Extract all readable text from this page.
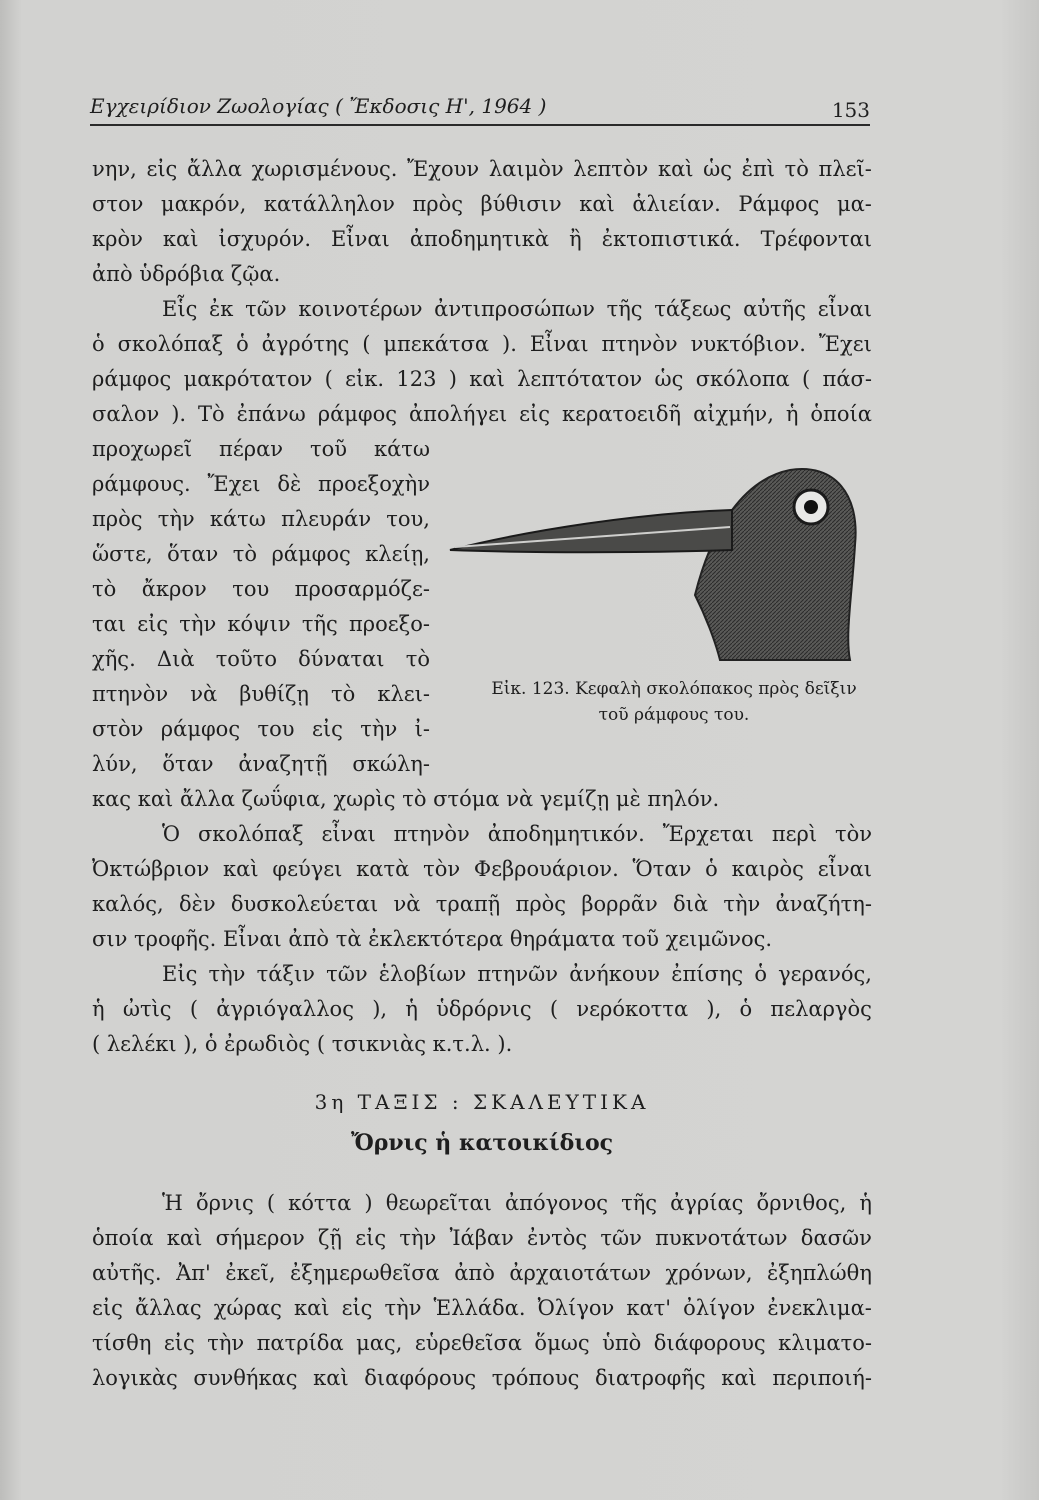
Εγχειρίδιον Ζωολογίας ( Ἔκδοσις Η', 1964 )	153
νην, εἰς ἄλλα χωρισμένους. Ἔχουν λαιμὸν λεπτὸν καὶ ὡς ἐπὶ τὸ πλεῖ-
στον μακρόν, κατάλληλον πρὸς βύθισιν καὶ ἁλιείαν. Ράμφος μα-
κρὸν καὶ ἰσχυρόν. Εἶναι ἀποδημητικὰ ἢ ἐκτοπιστικά. Τρέφονται
ἀπὸ ὑδρόβια ζῷα.
Εἷς ἐκ τῶν κοινοτέρων ἀντιπροσώπων τῆς τάξεως αὐτῆς εἶναι
ὁ σκολόπαξ ὁ ἀγρότης ( μπεκάτσα ). Εἶναι πτηνὸν νυκτόβιον. Ἔχει
ράμφος μακρότατον ( εἰκ. 123 ) καὶ λεπτότατον ὡς σκόλοπα ( πάσ-
σαλον ). Τὸ ἐπάνω ράμφος ἀπολήγει εἰς κερατοειδῆ αἰχμήν, ἡ ὁποία
προχωρεῖ πέραν τοῦ κάτω
ράμφους. Ἔχει δὲ προεξοχὴν
πρὸς τὴν κάτω πλευράν του,
ὥστε, ὅταν τὸ ράμφος κλείῃ,
τὸ ἄκρον του προσαρμόζε-
ται εἰς τὴν κόψιν τῆς προεξο-
χῆς. Διὰ τοῦτο δύναται τὸ
πτηνὸν νὰ βυθίζῃ τὸ κλει-
στὸν ράμφος του εἰς τὴν ἰ-
λύν, ὅταν ἀναζητῇ σκώλη-
κας καὶ ἄλλα ζωΰφια, χωρὶς τὸ στόμα νὰ γεμίζῃ μὲ πηλόν.
Ὁ σκολόπαξ εἶναι πτηνὸν ἀποδημητικόν. Ἔρχεται περὶ τὸν
Ὀκτώβριον καὶ φεύγει κατὰ τὸν Φεβρουάριον. Ὅταν ὁ καιρὸς εἶναι
καλός, δὲν δυσκολεύεται νὰ τραπῇ πρὸς βορρᾶν διὰ τὴν ἀναζήτη-
σιν τροφῆς. Εἶναι ἀπὸ τὰ ἐκλεκτότερα θηράματα τοῦ χειμῶνος.
Εἰς τὴν τάξιν τῶν ἑλοβίων πτηνῶν ἀνήκουν ἐπίσης ὁ γερανός,
ἡ ὠτὶς ( ἀγριόγαλλος ), ἡ ὑδρόρνις ( νερόκοττα ), ὁ πελαργὸς
( λελέκι ), ὁ ἐρωδιὸς ( τσικνιὰς κ.τ.λ. ).
3η ΤΑΞΙΣ : ΣΚΑΛΕΥΤΙΚΑ
Ὄρνις ἡ κατοικίδιος
Ἡ ὄρνις ( κόττα ) θεωρεῖται ἀπόγονος τῆς ἀγρίας ὄρνιθος, ἡ
ὁποία καὶ σήμερον ζῇ εἰς τὴν Ἰάβαν ἐντὸς τῶν πυκνοτάτων δασῶν
αὐτῆς. Ἀπ' ἐκεῖ, ἐξημερωθεῖσα ἀπὸ ἀρχαιοτάτων χρόνων, ἐξηπλώθη
εἰς ἄλλας χώρας καὶ εἰς τὴν Ἑλλάδα. Ὀλίγον κατ' ὀλίγον ἐνεκλιμα-
τίσθη εἰς τὴν πατρίδα μας, εὑρεθεῖσα ὅμως ὑπὸ διάφορους κλιματο-
λογικὰς συνθήκας καὶ διαφόρους τρόπους διατροφῆς καὶ περιποιή-
Εἰκ. 123. Κεφαλὴ σκολόπακος πρὸς δεῖξιν
τοῦ ράμφους του.
